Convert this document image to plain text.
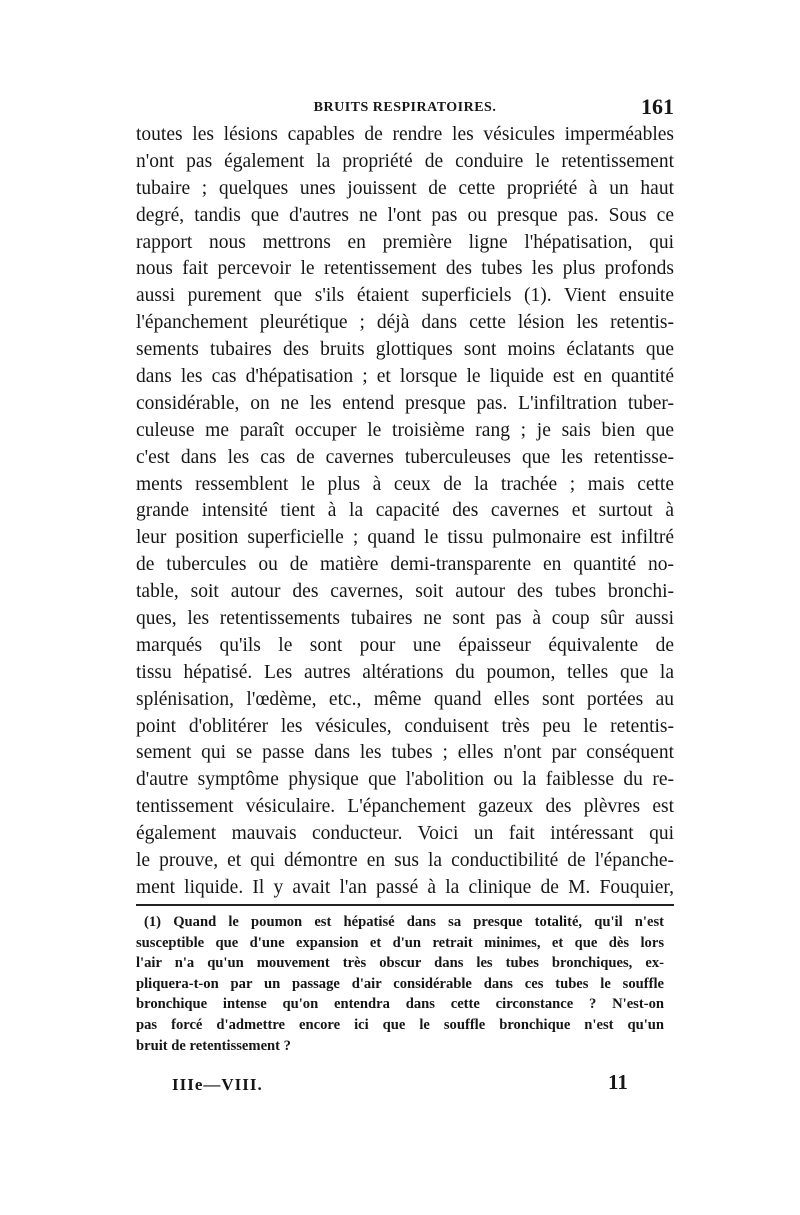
BRUITS RESPIRATOIRES.	161
toutes les lésions capables de rendre les vésicules imperméables
n'ont pas également la propriété de conduire le retentissement
tubaire ; quelques unes jouissent de cette propriété à un haut
degré, tandis que d'autres ne l'ont pas ou presque pas. Sous ce
rapport nous mettrons en première ligne l'hépatisation, qui
nous fait percevoir le retentissement des tubes les plus profonds
aussi purement que s'ils étaient superficiels (1). Vient ensuite
l'épanchement pleurétique ; déjà dans cette lésion les retentis-
sements tubaires des bruits glottiques sont moins éclatants que
dans les cas d'hépatisation ; et lorsque le liquide est en quantité
considérable, on ne les entend presque pas. L'infiltration tuber-
culeuse me paraît occuper le troisième rang ; je sais bien que
c'est dans les cas de cavernes tuberculeuses que les retentisse-
ments ressemblent le plus à ceux de la trachée ; mais cette
grande intensité tient à la capacité des cavernes et surtout à
leur position superficielle ; quand le tissu pulmonaire est infiltré
de tubercules ou de matière demi-transparente en quantité no-
table, soit autour des cavernes, soit autour des tubes bronchi-
ques, les retentissements tubaires ne sont pas à coup sûr aussi
marqués qu'ils le sont pour une épaisseur équivalente de
tissu hépatisé. Les autres altérations du poumon, telles que la
splénisation, l'œdème, etc., même quand elles sont portées au
point d'oblitérer les vésicules, conduisent très peu le retentis-
sement qui se passe dans les tubes ; elles n'ont par conséquent
d'autre symptôme physique que l'abolition ou la faiblesse du re-
tentissement vésiculaire. L'épanchement gazeux des plèvres est
également mauvais conducteur. Voici un fait intéressant qui
le prouve, et qui démontre en sus la conductibilité de l'épanche-
ment liquide. Il y avait l'an passé à la clinique de M. Fouquier,
(1) Quand le poumon est hépatisé dans sa presque totalité, qu'il n'est
susceptible que d'une expansion et d'un retrait minimes, et que dès lors
l'air n'a qu'un mouvement très obscur dans les tubes bronchiques, ex-
pliquera-t-on par un passage d'air considérable dans ces tubes le souffle
bronchique intense qu'on entendra dans cette circonstance ? N'est-on
pas forcé d'admettre encore ici que le souffle bronchique n'est qu'un
bruit de retentissement ?
IIIe—VIII.	11
